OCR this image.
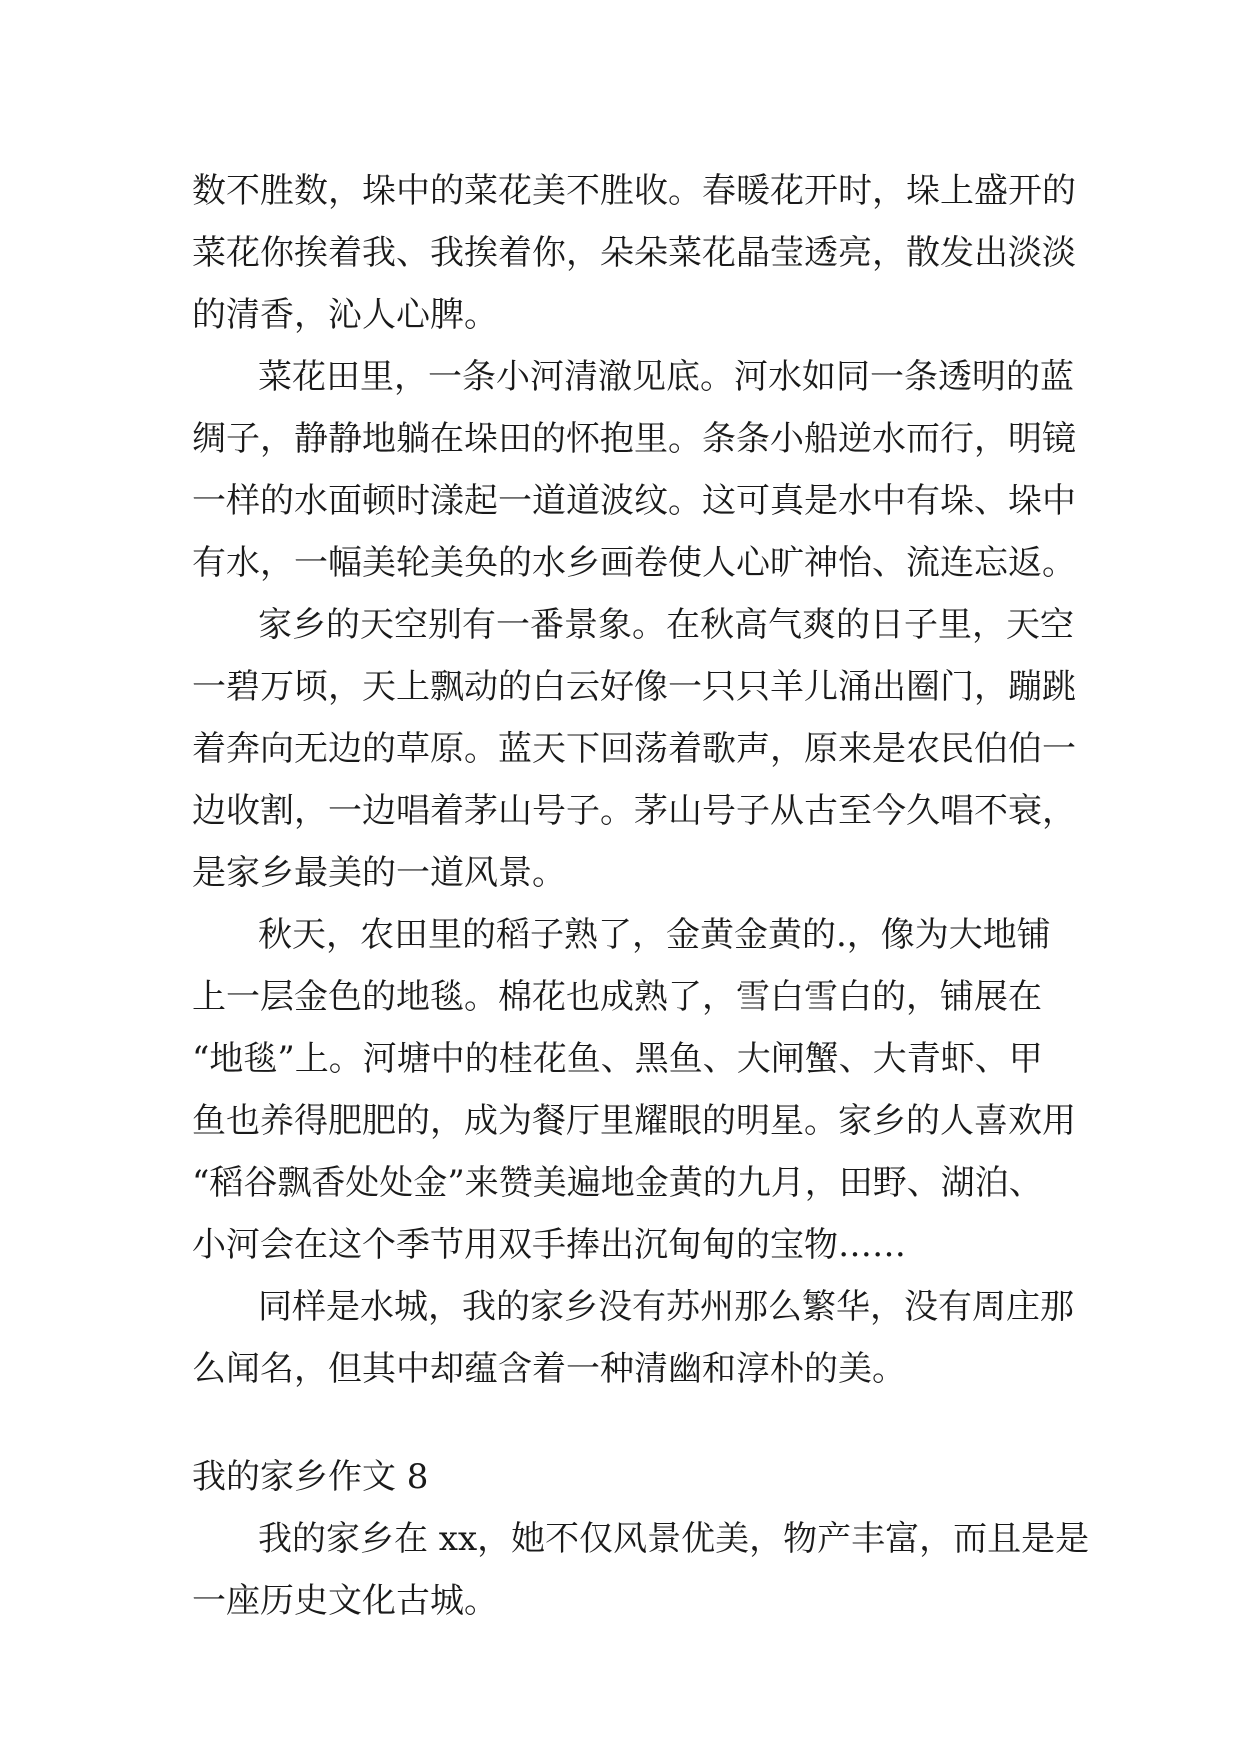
数不胜数，垛中的菜花美不胜收。春暖花开时，垛上盛开的
菜花你挨着我、我挨着你，朵朵菜花晶莹透亮，散发出淡淡
的清香，沁人心脾。
菜花田里，一条小河清澈见底。河水如同一条透明的蓝
绸子，静静地躺在垛田的怀抱里。条条小船逆水而行，明镜
一样的水面顿时漾起一道道波纹。这可真是水中有垛、垛中
有水，一幅美轮美奂的水乡画卷使人心旷神怡、流连忘返。
家乡的天空别有一番景象。在秋高气爽的日子里，天空
一碧万顷，天上飘动的白云好像一只只羊儿涌出圈门，蹦跳
着奔向无边的草原。蓝天下回荡着歌声，原来是农民伯伯一
边收割，一边唱着茅山号子。茅山号子从古至今久唱不衰，
是家乡最美的一道风景。
秋天，农田里的稻子熟了，金黄金黄的.，像为大地铺
上一层金色的地毯。棉花也成熟了，雪白雪白的，铺展在
“地毯”上。河塘中的桂花鱼、黑鱼、大闸蟹、大青虾、甲
鱼也养得肥肥的，成为餐厅里耀眼的明星。家乡的人喜欢用
“稻谷飘香处处金”来赞美遍地金黄的九月，田野、湖泊、
小河会在这个季节用双手捧出沉甸甸的宝物……
同样是水城，我的家乡没有苏州那么繁华，没有周庄那
么闻名，但其中却蕴含着一种清幽和淳朴的美。
我的家乡作文 8
我的家乡在 xx，她不仅风景优美，物产丰富，而且是是
一座历史文化古城。
